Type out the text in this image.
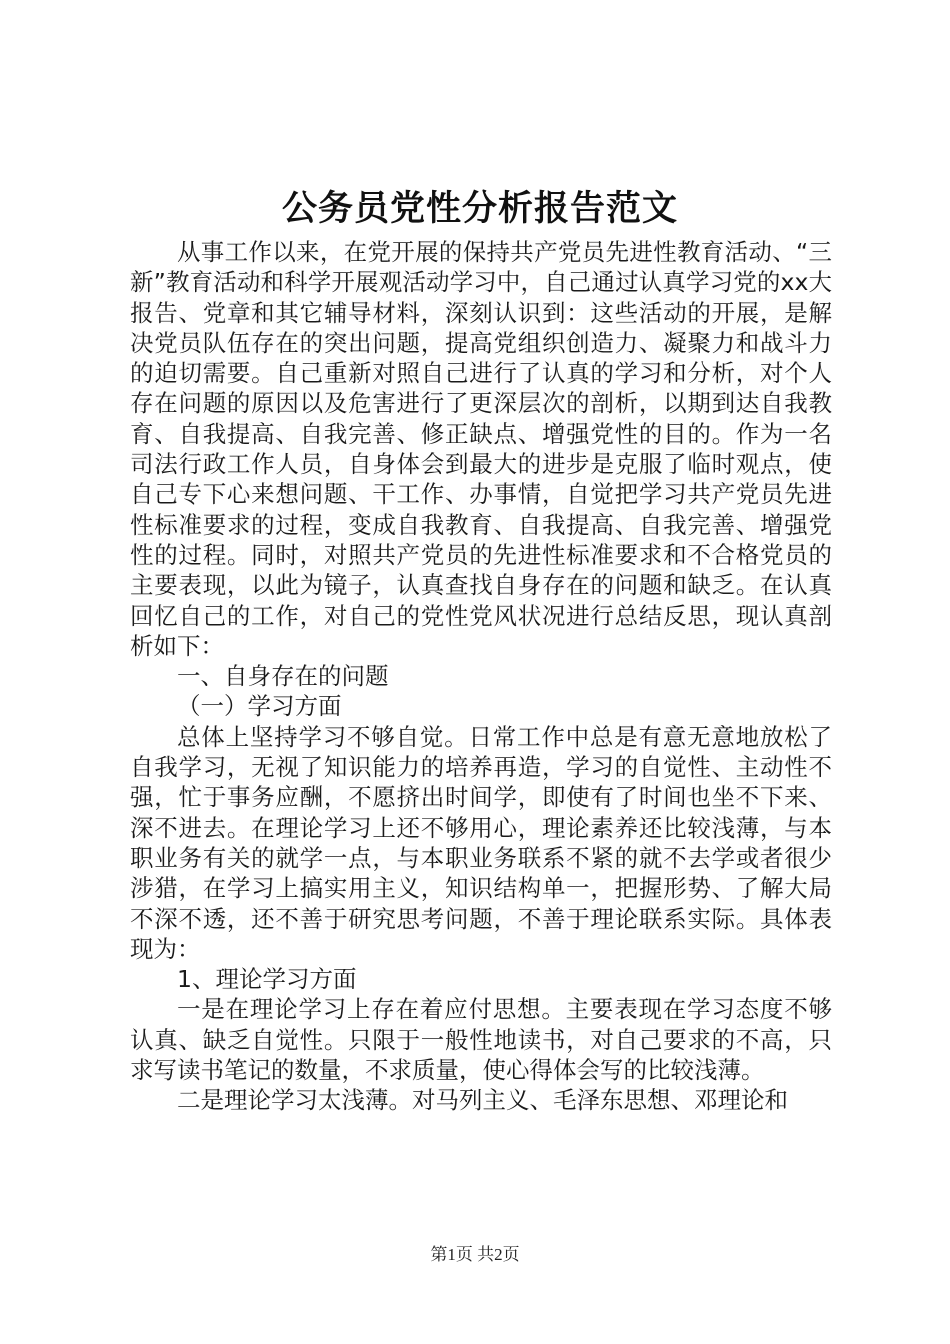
公务员党性分析报告范文

从事工作以来，在党开展的保持共产党员先进性教育活动、“三新”教育活动和科学开展观活动学习中，自己通过认真学习党的xx大报告、党章和其它辅导材料，深刻认识到：这些活动的开展，是解决党员队伍存在的突出问题，提高党组织创造力、凝聚力和战斗力的迫切需要。自己重新对照自己进行了认真的学习和分析，对个人存在问题的原因以及危害进行了更深层次的剖析，以期到达自我教育、自我提高、自我完善、修正缺点、增强党性的目的。作为一名司法行政工作人员，自身体会到最大的进步是克服了临时观点，使自己专下心来想问题、干工作、办事情，自觉把学习共产党员先进性标准要求的过程，变成自我教育、自我提高、自我完善、增强党性的过程。同时，对照共产党员的先进性标准要求和不合格党员的主要表现，以此为镜子，认真查找自身存在的问题和缺乏。在认真回忆自己的工作，对自己的党性党风状况进行总结反思，现认真剖析如下：

一、自身存在的问题

（一）学习方面

总体上坚持学习不够自觉。日常工作中总是有意无意地放松了自我学习，无视了知识能力的培养再造，学习的自觉性、主动性不强，忙于事务应酬，不愿挤出时间学，即使有了时间也坐不下来、深不进去。在理论学习上还不够用心，理论素养还比较浅薄，与本职业务有关的就学一点，与本职业务联系不紧的就不去学或者很少涉猎，在学习上搞实用主义，知识结构单一，把握形势、了解大局不深不透，还不善于研究思考问题，不善于理论联系实际。具体表现为：

1、理论学习方面

一是在理论学习上存在着应付思想。主要表现在学习态度不够认真、缺乏自觉性。只限于一般性地读书，对自己要求的不高，只求写读书笔记的数量，不求质量，使心得体会写的比较浅薄。

二是理论学习太浅薄。对马列主义、毛泽东思想、邓理论和

第1页 共2页
